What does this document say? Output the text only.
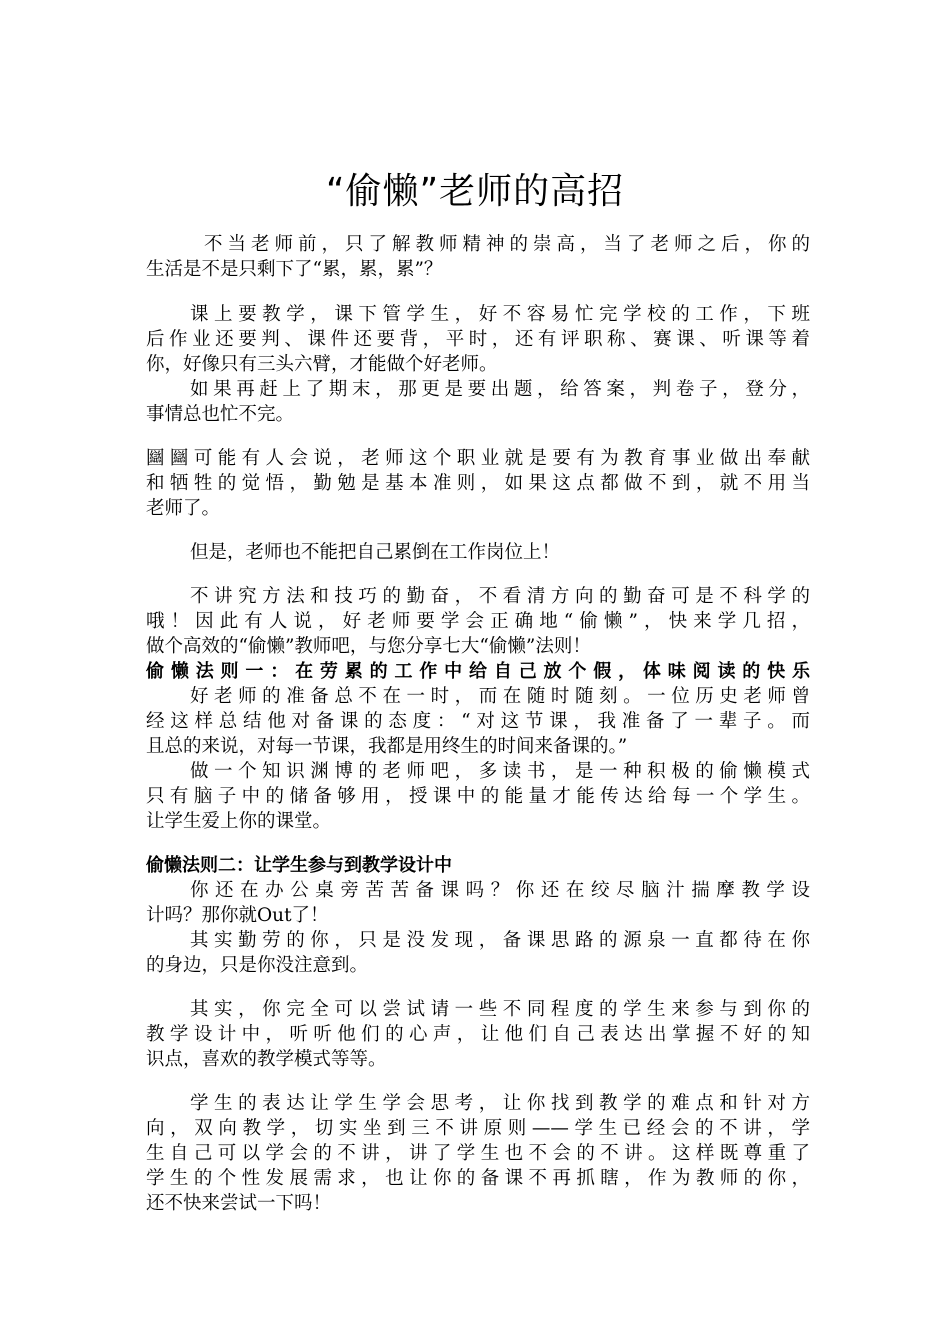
“偷懒”老师的高招
不当老师前，只了解教师精神的崇高，当了老师之后，你的
生活是不是只剩下了“累，累，累”？
课上要教学，课下管学生，好不容易忙完学校的工作，下班
后作业还要判、课件还要背，平时，还有评职称、赛课、听课等着
你，好像只有三头六臂，才能做个好老师。
如果再赶上了期末，那更是要出题，给答案，判卷子，登分，
事情总也忙不完。
圝圝可能有人会说，老师这个职业就是要有为教育事业做出奉献
和牺牲的觉悟，勤勉是基本准则，如果这点都做不到，就不用当
老师了。
但是，老师也不能把自己累倒在工作岗位上！
不讲究方法和技巧的勤奋，不看清方向的勤奋可是不科学的
哦！因此有人说，好老师要学会正确地“偷懒”，快来学几招，
做个高效的“偷懒”教师吧，与您分享七大“偷懒”法则！
偷懒法则一：在劳累的工作中给自己放个假，体味阅读的快乐
好老师的准备总不在一时，而在随时随刻。一位历史老师曾
经这样总结他对备课的态度：“对这节课，我准备了一辈子。而
且总的来说，对每一节课，我都是用终生的时间来备课的。”
做一个知识渊博的老师吧，多读书，是一种积极的偷懒模式
只有脑子中的储备够用，授课中的能量才能传达给每一个学生。
让学生爱上你的课堂。
偷懒法则二：让学生参与到教学设计中
你还在办公桌旁苦苦备课吗？你还在绞尽脑汁揣摩教学设
计吗？那你就Out了！
其实勤劳的你，只是没发现，备课思路的源泉一直都待在你
的身边，只是你没注意到。
其实，你完全可以尝试请一些不同程度的学生来参与到你的
教学设计中，听听他们的心声，让他们自己表达出掌握不好的知
识点，喜欢的教学模式等等。
学生的表达让学生学会思考，让你找到教学的难点和针对方
向，双向教学，切实坐到三不讲原则——学生已经会的不讲，学
生自己可以学会的不讲，讲了学生也不会的不讲。这样既尊重了
学生的个性发展需求，也让你的备课不再抓瞎，作为教师的你，
还不快来尝试一下吗！
